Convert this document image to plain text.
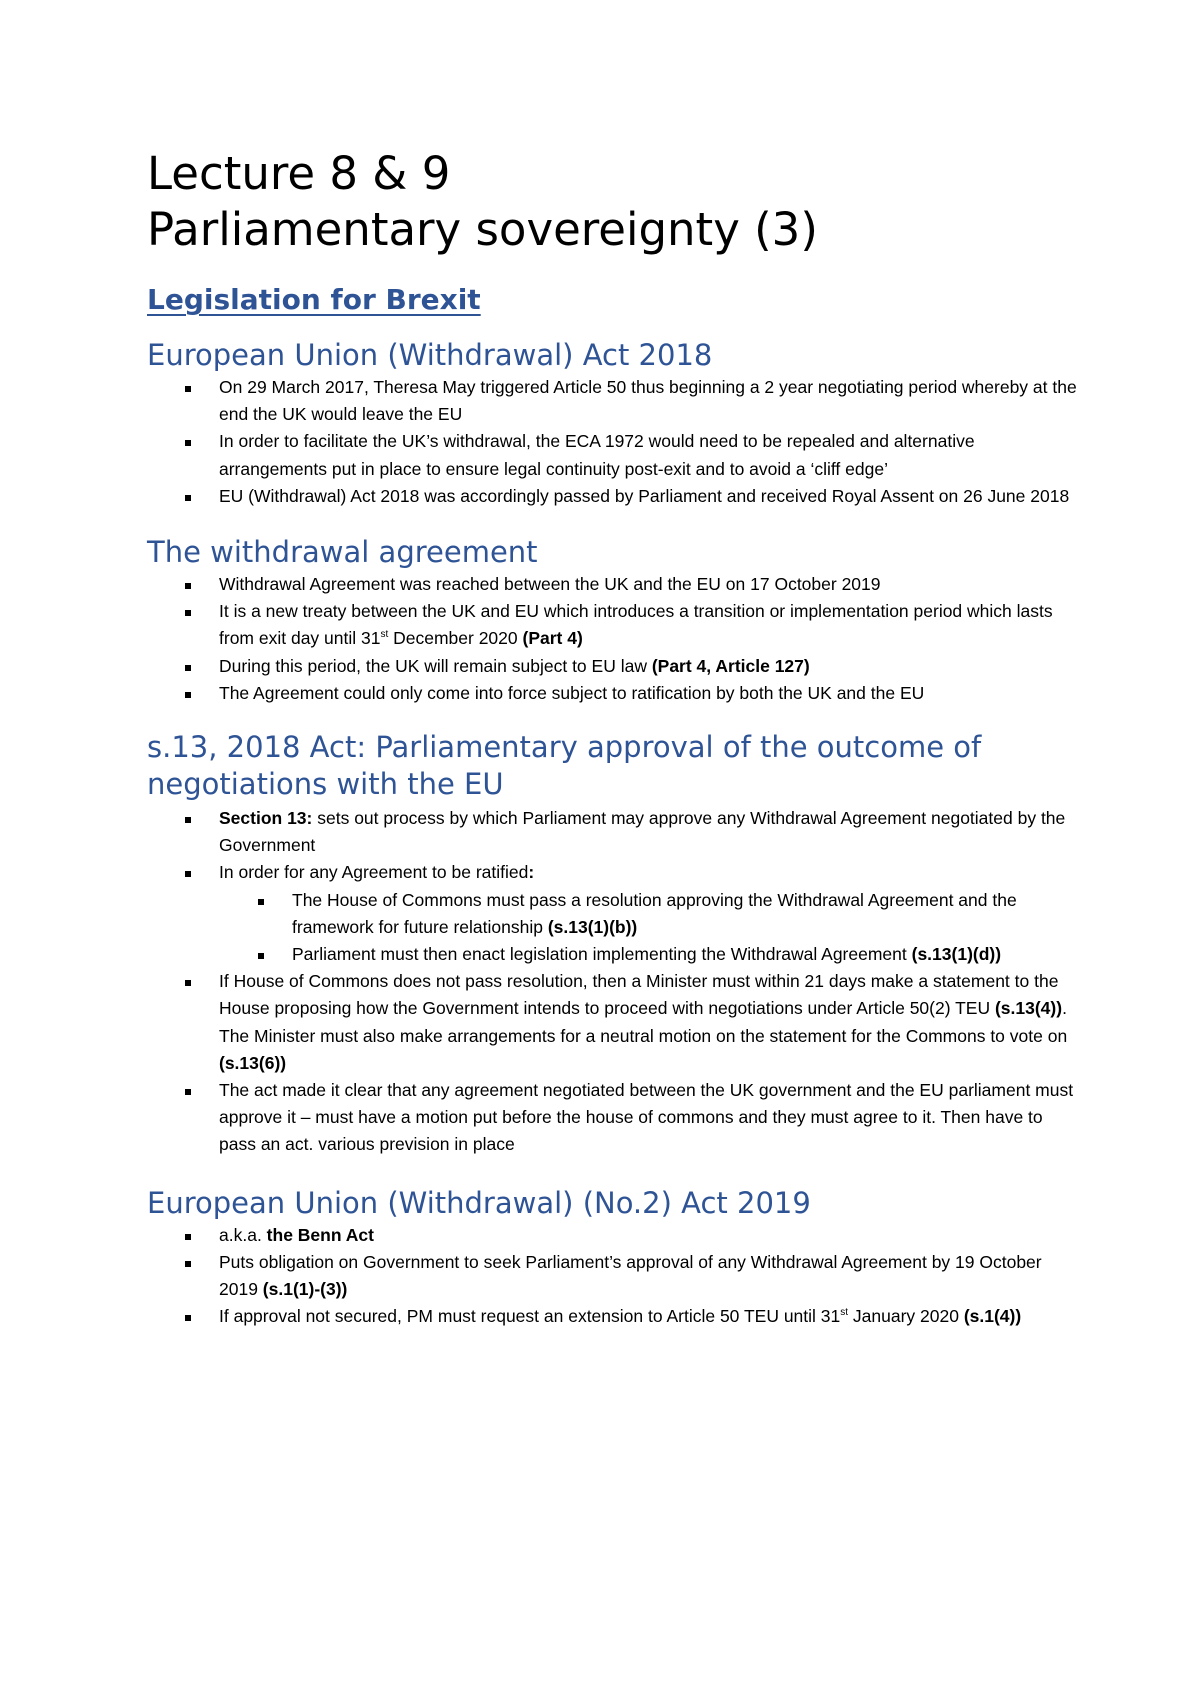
Lecture 8 & 9
Parliamentary sovereignty (3)
Legislation for Brexit
European Union (Withdrawal) Act 2018
On 29 March 2017, Theresa May triggered Article 50 thus beginning a 2 year negotiating period whereby at the end the UK would leave the EU
In order to facilitate the UK’s withdrawal, the ECA 1972 would need to be repealed and alternative arrangements put in place to ensure legal continuity post-exit and to avoid a ‘cliff edge’
EU (Withdrawal) Act 2018 was accordingly passed by Parliament and received Royal Assent on 26 June 2018
The withdrawal agreement
Withdrawal Agreement was reached between the UK and the EU on 17 October 2019
It is a new treaty between the UK and EU which introduces a transition or implementation period which lasts from exit day until 31st December 2020 (Part 4)
During this period, the UK will remain subject to EU law (Part 4, Article 127)
The Agreement could only come into force subject to ratification by both the UK and the EU
s.13, 2018 Act: Parliamentary approval of the outcome of negotiations with the EU
Section 13: sets out process by which Parliament may approve any Withdrawal Agreement negotiated by the Government
In order for any Agreement to be ratified:
The House of Commons must pass a resolution approving the Withdrawal Agreement and the framework for future relationship (s.13(1)(b))
Parliament must then enact legislation implementing the Withdrawal Agreement (s.13(1)(d))
If House of Commons does not pass resolution, then a Minister must within 21 days make a statement to the House proposing how the Government intends to proceed with negotiations under Article 50(2) TEU (s.13(4)). The Minister must also make arrangements for a neutral motion on the statement for the Commons to vote on (s.13(6))
The act made it clear that any agreement negotiated between the UK government and the EU parliament must approve it – must have a motion put before the house of commons and they must agree to it. Then have to pass an act. various prevision in place
European Union (Withdrawal) (No.2) Act 2019
a.k.a. the Benn Act
Puts obligation on Government to seek Parliament’s approval of any Withdrawal Agreement by 19 October 2019 (s.1(1)-(3))
If approval not secured, PM must request an extension to Article 50 TEU until 31st January 2020 (s.1(4))
